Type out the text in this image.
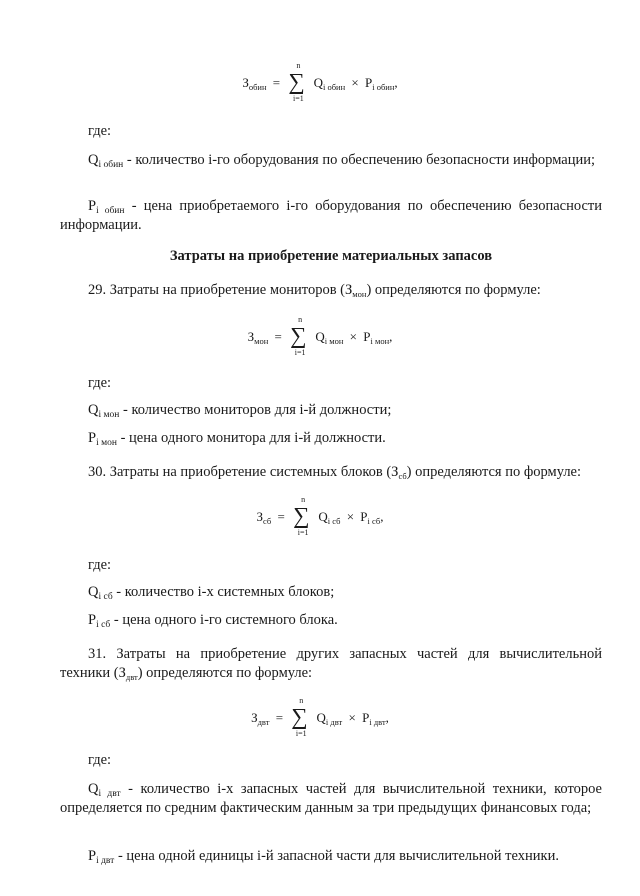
$З_{обин}$ =
n
∑
i=1
$Q_{i обин} \times P_{i обин}$,
где:
$Q_{i обин}$ - количество i-го оборудования по обеспечению безопасности информации;
$P_{i обин}$ - цена приобретаемого i-го оборудования по обеспечению безопасности информации.
Затраты на приобретение материальных запасов
29. Затраты на приобретение мониторов $(З_{мон})$ определяются по формуле:
$З_{мон}$ =
n
∑
i=1
$Q_{i мон} \times P_{i мон}$,
где:
$Q_{i мон}$ - количество мониторов для i-й должности;
$P_{i мон}$ - цена одного монитора для i-й должности.
30. Затраты на приобретение системных блоков $(З_{сб})$ определяются по формуле:
$З_{сб}$ =
n
∑
i=1
$Q_{i сб} \times P_{i сб}$,
где:
$Q_{i сб}$ - количество i-х системных блоков;
$P_{i сб}$ - цена одного i-го системного блока.
31. Затраты на приобретение других запасных частей для вычислительной техники $(З_{двт})$ определяются по формуле:
$З_{двт}$ =
n
∑
i=1
$Q_{i двт} \times P_{i двт}$,
где:
$Q_{i двт}$ - количество i-х запасных частей для вычислительной техники, которое определяется по средним фактическим данным за три предыдущих финансовых года;
$P_{i двт}$ - цена одной единицы i-й запасной части для вычислительной техники.
